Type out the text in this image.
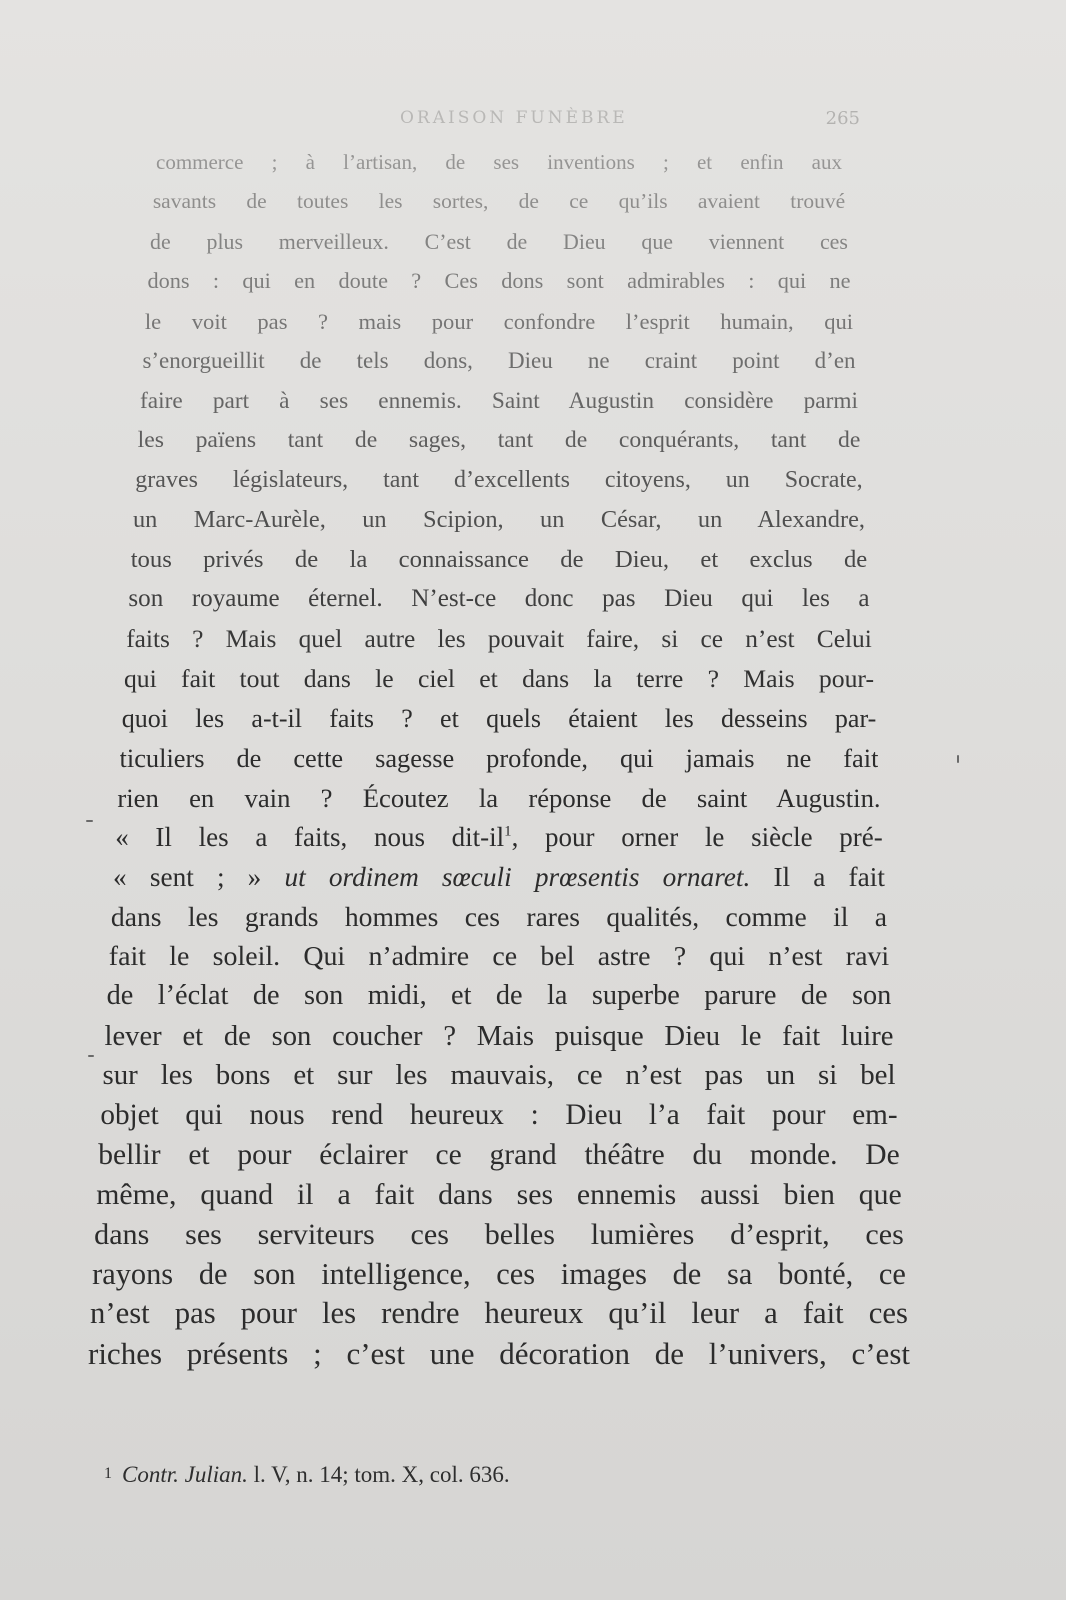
ORAISON FUNÈBRE	265

commerce ; à l’artisan, de ses inventions ; et enfin aux

savants de toutes les sortes, de ce qu’ils avaient trouvé

de plus merveilleux. C’est de Dieu que viennent ces

dons : qui en doute ? Ces dons sont admirables : qui ne

le voit pas ? mais pour confondre l’esprit humain, qui

s’enorgueillit de tels dons, Dieu ne craint point d’en

faire part à ses ennemis. Saint Augustin considère parmi

les païens tant de sages, tant de conquérants, tant de

graves législateurs, tant d’excellents citoyens, un Socrate,

un Marc-Aurèle, un Scipion, un César, un Alexandre,

tous privés de la connaissance de Dieu, et exclus de

son royaume éternel. N’est-ce donc pas Dieu qui les a

faits ? Mais quel autre les pouvait faire, si ce n’est Celui

qui fait tout dans le ciel et dans la terre ? Mais pour-

quoi les a-t-il faits ? et quels étaient les desseins par-

ticuliers de cette sagesse profonde, qui jamais ne fait

rien en vain ? Écoutez la réponse de saint Augustin.

« Il les a faits, nous dit-$il^1$, pour orner le siècle pré-

« sent ; » ut ordinem sœculi prœsentis ornaret. Il a fait

dans les grands hommes ces rares qualités, comme il a

fait le soleil. Qui n’admire ce bel astre ? qui n’est ravi

de l’éclat de son midi, et de la superbe parure de son

lever et de son coucher ? Mais puisque Dieu le fait luire

sur les bons et sur les mauvais, ce n’est pas un si bel

objet qui nous rend heureux : Dieu l’a fait pour em-

bellir et pour éclairer ce grand théâtre du monde. De

même, quand il a fait dans ses ennemis aussi bien que

dans ses serviteurs ces belles lumières d’esprit, ces

rayons de son intelligence, ces images de sa bonté, ce

n’est pas pour les rendre heureux qu’il leur a fait ces

riches présents ; c’est une décoration de l’univers, c’est

1 Contr. Julian. l. V, n. 14; tom. X, col. 636.
